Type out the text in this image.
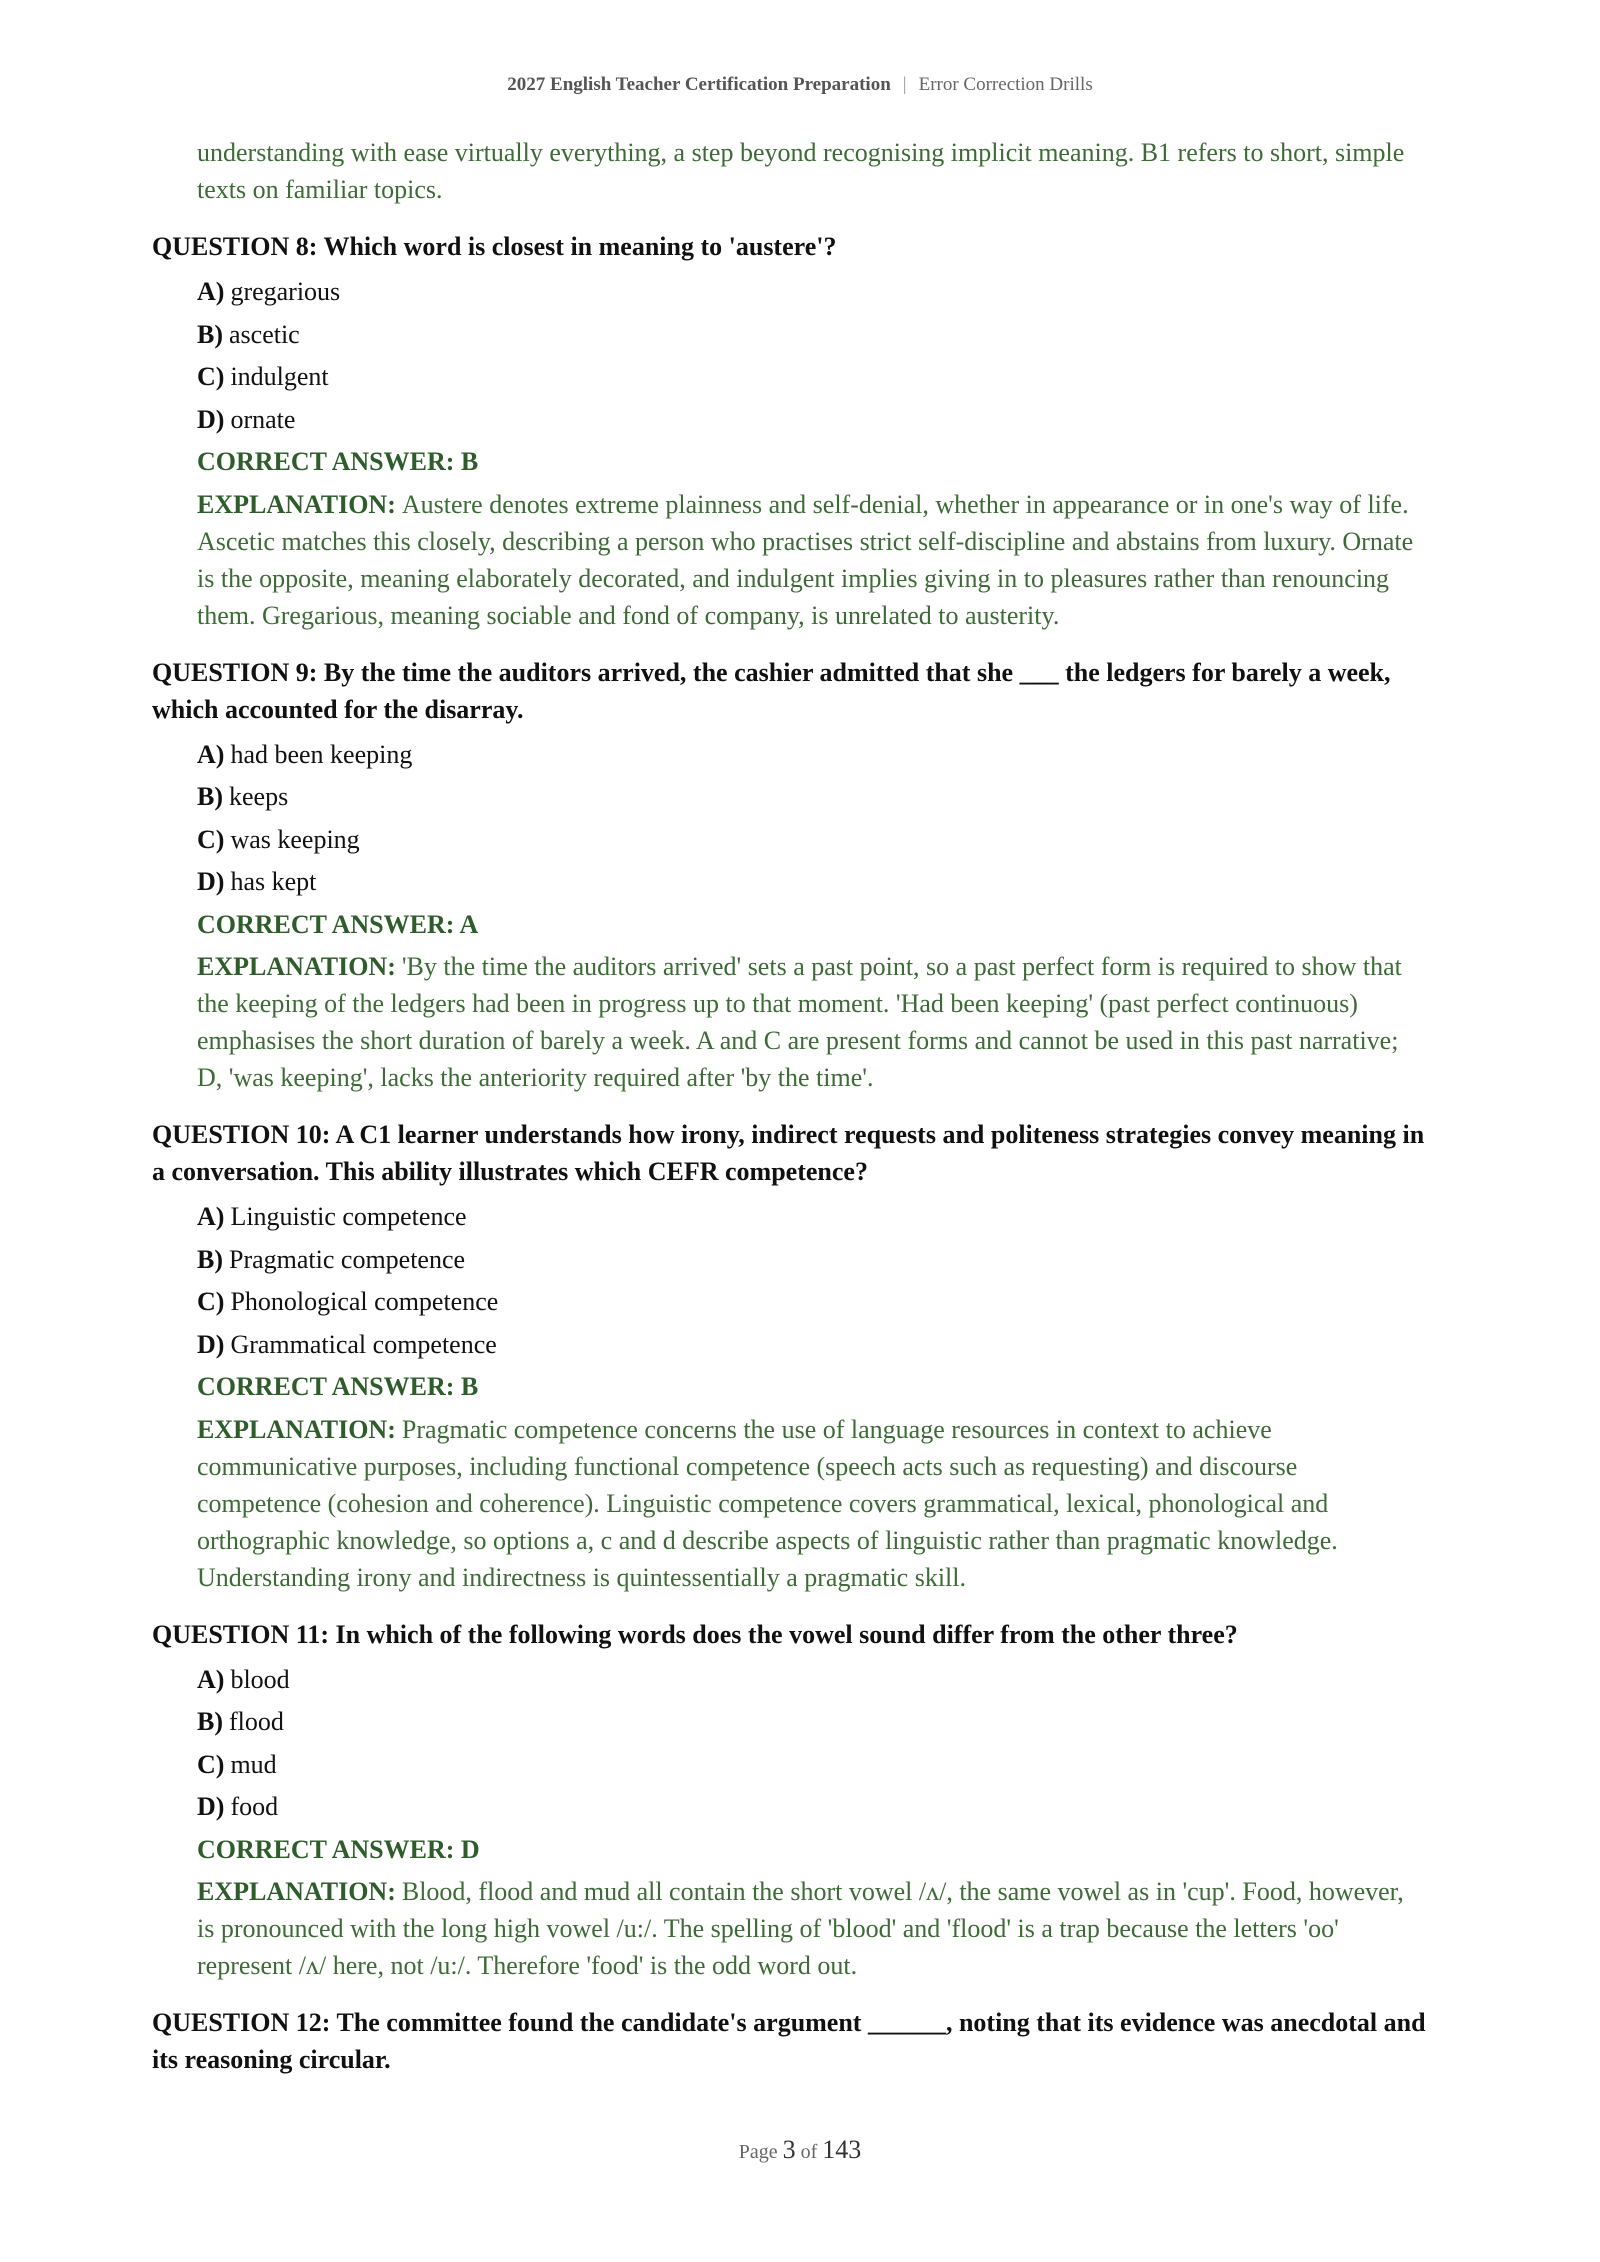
2027 English Teacher Certification Preparation | Error Correction Drills

understanding with ease virtually everything, a step beyond recognising implicit meaning. B1 refers to short, simple texts on familiar topics.

QUESTION 8: Which word is closest in meaning to 'austere'?

A) gregarious
B) ascetic
C) indulgent
D) ornate
CORRECT ANSWER: B

EXPLANATION: Austere denotes extreme plainness and self-denial, whether in appearance or in one's way of life. Ascetic matches this closely, describing a person who practises strict self-discipline and abstains from luxury. Ornate is the opposite, meaning elaborately decorated, and indulgent implies giving in to pleasures rather than renouncing them. Gregarious, meaning sociable and fond of company, is unrelated to austerity.

QUESTION 9: By the time the auditors arrived, the cashier admitted that she ___ the ledgers for barely a week, which accounted for the disarray.

A) had been keeping
B) keeps
C) was keeping
D) has kept
CORRECT ANSWER: A

EXPLANATION: 'By the time the auditors arrived' sets a past point, so a past perfect form is required to show that the keeping of the ledgers had been in progress up to that moment. 'Had been keeping' (past perfect continuous) emphasises the short duration of barely a week. A and C are present forms and cannot be used in this past narrative; D, 'was keeping', lacks the anteriority required after 'by the time'.

QUESTION 10: A C1 learner understands how irony, indirect requests and politeness strategies convey meaning in a conversation. This ability illustrates which CEFR competence?

A) Linguistic competence
B) Pragmatic competence
C) Phonological competence
D) Grammatical competence
CORRECT ANSWER: B

EXPLANATION: Pragmatic competence concerns the use of language resources in context to achieve communicative purposes, including functional competence (speech acts such as requesting) and discourse competence (cohesion and coherence). Linguistic competence covers grammatical, lexical, phonological and orthographic knowledge, so options a, c and d describe aspects of linguistic rather than pragmatic knowledge. Understanding irony and indirectness is quintessentially a pragmatic skill.

QUESTION 11: In which of the following words does the vowel sound differ from the other three?

A) blood
B) flood
C) mud
D) food
CORRECT ANSWER: D

EXPLANATION: Blood, flood and mud all contain the short vowel /ʌ/, the same vowel as in 'cup'. Food, however, is pronounced with the long high vowel /u:/. The spelling of 'blood' and 'flood' is a trap because the letters 'oo' represent /ʌ/ here, not /u:/. Therefore 'food' is the odd word out.

QUESTION 12: The committee found the candidate's argument ______, noting that its evidence was anecdotal and its reasoning circular.

Page 3 of 143
